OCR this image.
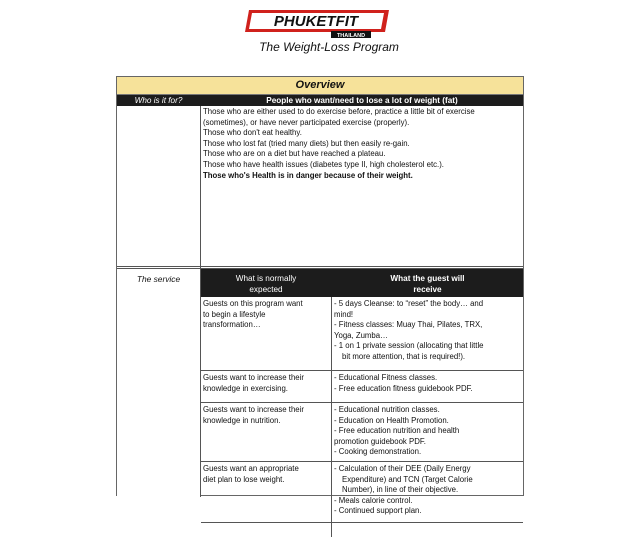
PHUKETFIT
THAILAND
The Weight-Loss Program
Overview
Who is it for?	People who want/need to lose a lot of weight (fat)
Those who are either used to do exercise before, practice a little bit of exercise
(sometimes), or have never participated exercise (properly).
Those who don't eat healthy.
Those who lost fat (tried many diets) but then easily re-gain.
Those who are on a diet but have reached a plateau.
Those who have health issues (diabetes type II, high cholesterol etc.).
Those who's Health is in danger because of their weight.
The service	What is normally
expected
What the guest will
receive
Guests on this program want
to begin a lifestyle
transformation…
- 5 days Cleanse: to “reset” the body… and
mind!
- Fitness classes: Muay Thai, Pilates, TRX,
Yoga, Zumba…
- 1 on 1 private session (allocating that little
bit more attention, that is required!).
Guests want to increase their
knowledge in exercising.
- Educational Fitness classes.
- Free education fitness guidebook PDF.
Guests want to increase their
knowledge in nutrition.
- Educational nutrition classes.
- Education on Health Promotion.
- Free education nutrition and health
promotion guidebook PDF.
- Cooking demonstration.
Guests want an appropriate
diet plan to lose weight.
- Calculation of their DEE (Daily Energy
Expenditure) and TCN (Target Calorie
Number), in line of their objective.
- Meals calorie control.
- Continued support plan.
